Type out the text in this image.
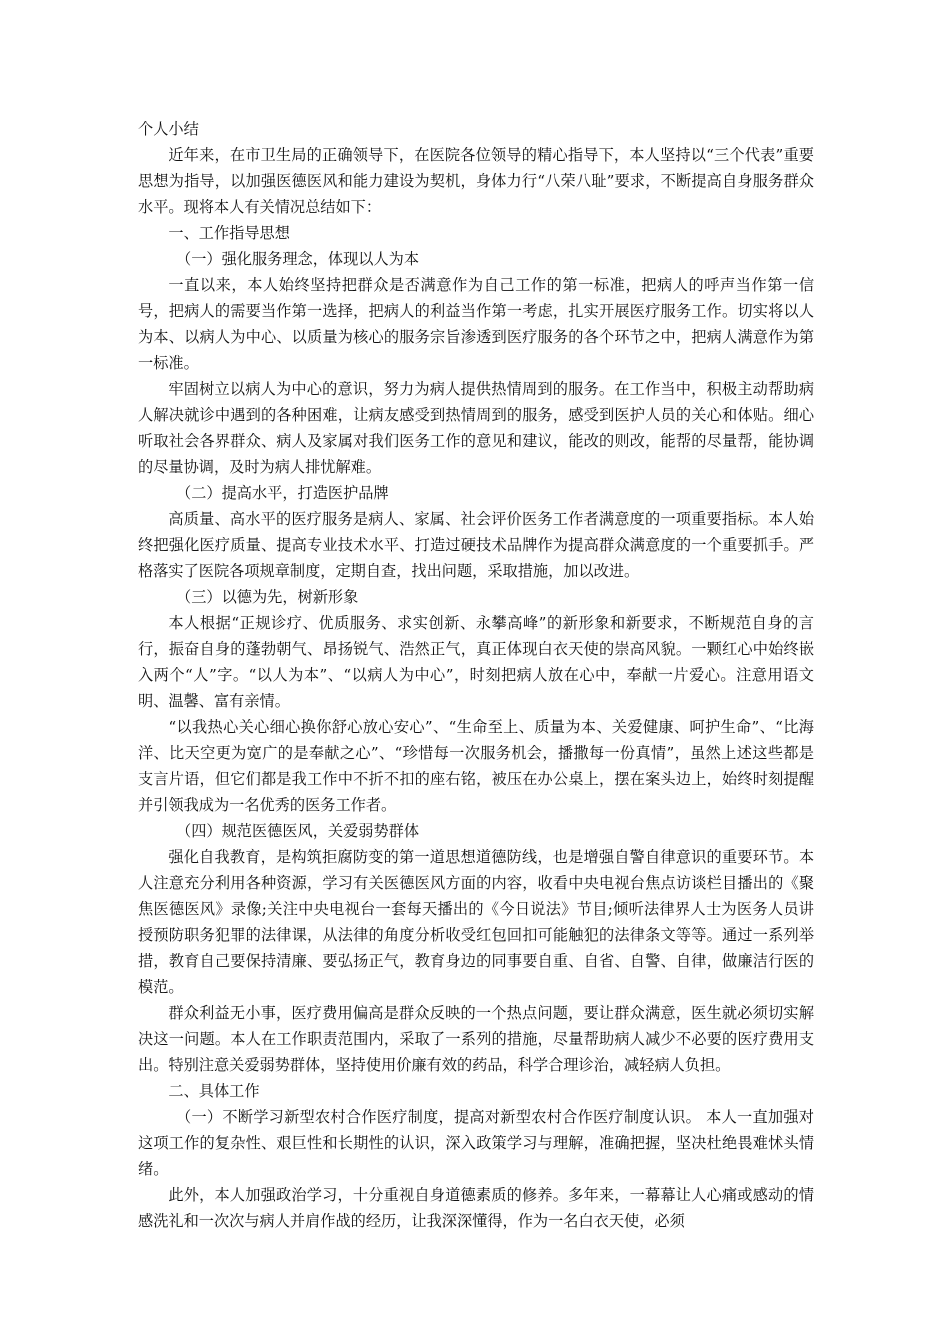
个人小结

近年来，在市卫生局的正确领导下，在医院各位领导的精心指导下，本人坚持以“三个代表”重要思想为指导，以加强医德医风和能力建设为契机，身体力行“八荣八耻”要求，不断提高自身服务群众水平。现将本人有关情况总结如下：

一、工作指导思想

（一）强化服务理念，体现以人为本

一直以来，本人始终坚持把群众是否满意作为自己工作的第一标准，把病人的呼声当作第一信号，把病人的需要当作第一选择，把病人的利益当作第一考虑，扎实开展医疗服务工作。切实将以人为本、以病人为中心、以质量为核心的服务宗旨渗透到医疗服务的各个环节之中，把病人满意作为第一标准。

牢固树立以病人为中心的意识，努力为病人提供热情周到的服务。在工作当中，积极主动帮助病人解决就诊中遇到的各种困难，让病友感受到热情周到的服务，感受到医护人员的关心和体贴。细心听取社会各界群众、病人及家属对我们医务工作的意见和建议，能改的则改，能帮的尽量帮，能协调的尽量协调，及时为病人排忧解难。

（二）提高水平，打造医护品牌

高质量、高水平的医疗服务是病人、家属、社会评价医务工作者满意度的一项重要指标。本人始终把强化医疗质量、提高专业技术水平、打造过硬技术品牌作为提高群众满意度的一个重要抓手。严格落实了医院各项规章制度，定期自查，找出问题，采取措施，加以改进。

（三）以德为先，树新形象

本人根据“正规诊疗、优质服务、求实创新、永攀高峰”的新形象和新要求，不断规范自身的言行，振奋自身的蓬勃朝气、昂扬锐气、浩然正气，真正体现白衣天使的崇高风貌。一颗红心中始终嵌入两个“人”字。“以人为本”、“以病人为中心”，时刻把病人放在心中，奉献一片爱心。注意用语文明、温馨、富有亲情。

“以我热心关心细心换你舒心放心安心”、“生命至上、质量为本、关爱健康、呵护生命”、“比海洋、比天空更为宽广的是奉献之心”、“珍惜每一次服务机会，播撒每一份真情”，虽然上述这些都是支言片语，但它们都是我工作中不折不扣的座右铭，被压在办公桌上，摆在案头边上，始终时刻提醒并引领我成为一名优秀的医务工作者。

（四）规范医德医风，关爱弱势群体

强化自我教育，是构筑拒腐防变的第一道思想道德防线，也是增强自警自律意识的重要环节。本人注意充分利用各种资源，学习有关医德医风方面的内容，收看中央电视台焦点访谈栏目播出的《聚焦医德医风》录像;关注中央电视台一套每天播出的《今日说法》节目;倾听法律界人士为医务人员讲授预防职务犯罪的法律课，从法律的角度分析收受红包回扣可能触犯的法律条文等等。通过一系列举措，教育自己要保持清廉、要弘扬正气，教育身边的同事要自重、自省、自警、自律，做廉洁行医的模范。

群众利益无小事，医疗费用偏高是群众反映的一个热点问题，要让群众满意，医生就必须切实解决这一问题。本人在工作职责范围内，采取了一系列的措施，尽量帮助病人减少不必要的医疗费用支出。特别注意关爱弱势群体，坚持使用价廉有效的药品，科学合理诊治，减轻病人负担。

二、具体工作

（一）不断学习新型农村合作医疗制度，提高对新型农村合作医疗制度认识。 本人一直加强对这项工作的复杂性、艰巨性和长期性的认识，深入政策学习与理解，准确把握，坚决杜绝畏难怵头情绪。

此外，本人加强政治学习，十分重视自身道德素质的修养。多年来，一幕幕让人心痛或感动的情感洗礼和一次次与病人并肩作战的经历，让我深深懂得，作为一名白衣天使，必须
